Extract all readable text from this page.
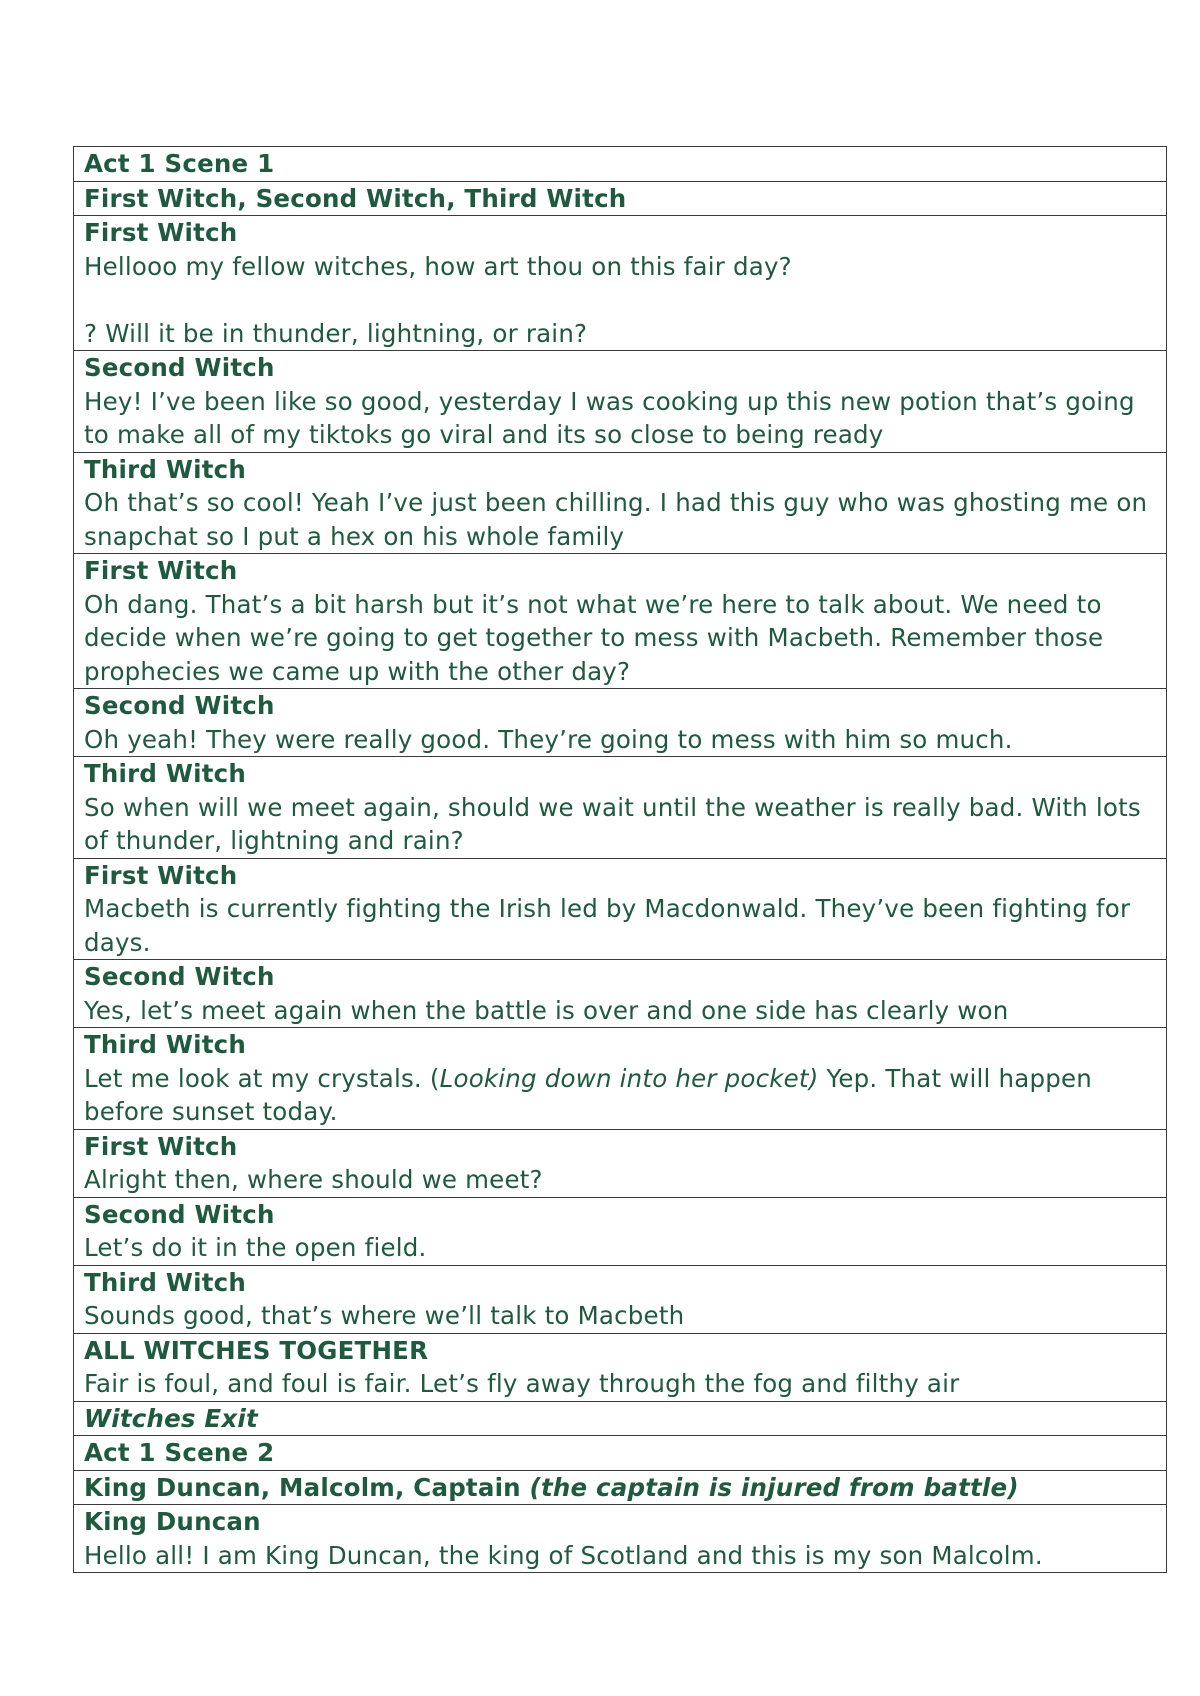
Act 1 Scene 1
First Witch, Second Witch, Third Witch

First Witch
Hellooo my fellow witches, how art thou on this fair day?
? Will it be in thunder, lightning, or rain?

Second Witch
Hey! I’ve been like so good, yesterday I was cooking up this new potion that’s going to make all of my tiktoks go viral and its so close to being ready

Third Witch
Oh that’s so cool! Yeah I’ve just been chilling. I had this guy who was ghosting me on snapchat so I put a hex on his whole family

First Witch
Oh dang. That’s a bit harsh but it’s not what we’re here to talk about. We need to decide when we’re going to get together to mess with Macbeth. Remember those prophecies we came up with the other day?

Second Witch
Oh yeah! They were really good. They’re going to mess with him so much.

Third Witch
So when will we meet again, should we wait until the weather is really bad. With lots of thunder, lightning and rain?

First Witch
Macbeth is currently fighting the Irish led by Macdonwald. They’ve been fighting for days.

Second Witch
Yes, let’s meet again when the battle is over and one side has clearly won

Third Witch
Let me look at my crystals. (Looking down into her pocket) Yep. That will happen before sunset today.

First Witch
Alright then, where should we meet?

Second Witch
Let’s do it in the open field.

Third Witch
Sounds good, that’s where we’ll talk to Macbeth

ALL WITCHES TOGETHER
Fair is foul, and foul is fair. Let’s fly away through the fog and filthy air
Witches Exit
Act 1 Scene 2
King Duncan, Malcolm, Captain (the captain is injured from battle)

King Duncan
Hello all! I am King Duncan, the king of Scotland and this is my son Malcolm.
